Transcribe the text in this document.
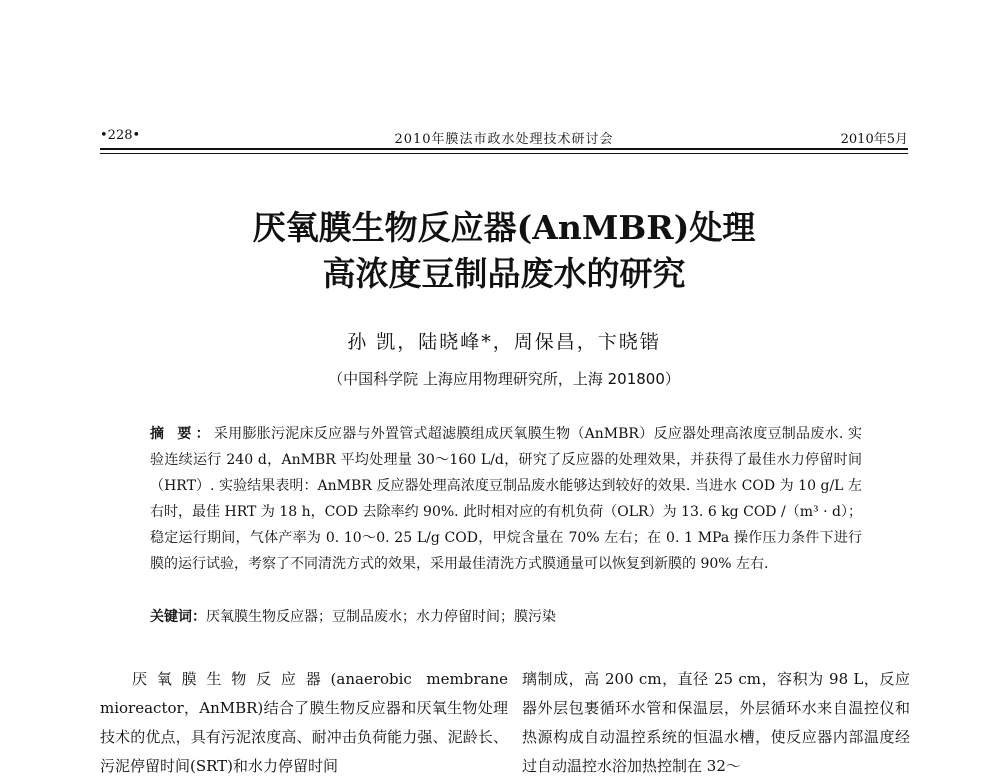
•228•	2010年膜法市政水处理技术研讨会	2010年5月
厌氧膜生物反应器(AnMBR)处理
高浓度豆制品废水的研究
孙 凯，陆晓峰*，周保昌，卞晓锴
（中国科学院 上海应用物理研究所，上海 201800）
摘 要：采用膨胀污泥床反应器与外置管式超滤膜组成厌氧膜生物（AnMBR）反应器处理高浓度豆制品废水. 实验连续运行 240 d，AnMBR 平均处理量 30～160 L/d，研究了反应器的处理效果，并获得了最佳水力停留时间（HRT）. 实验结果表明：AnMBR 反应器处理高浓度豆制品废水能够达到较好的效果. 当进水 COD 为 10 g/L 左右时，最佳 HRT 为 18 h，COD 去除率约 90%. 此时相对应的有机负荷（OLR）为 13. 6 kg COD /（m³ · d）；稳定运行期间，气体产率为 0. 10～0. 25 L/g COD，甲烷含量在 70% 左右；在 0. 1 MPa 操作压力条件下进行膜的运行试验，考察了不同清洗方式的效果，采用最佳清洗方式膜通量可以恢复到新膜的 90% 左右.
关键词：厌氧膜生物反应器；豆制品废水；水力停留时间；膜污染
厌氧膜生物反应器(anaerobic membrane mioreactor，AnMBR)结合了膜生物反应器和厌氧生物处理技术的优点，具有污泥浓度高、耐冲击负荷能力强、泥龄长、污泥停留时间(SRT)和水力停留时间
璃制成，高 200 cm，直径 25 cm，容积为 98 L，反应器外层包裹循环水管和保温层，外层循环水来自温控仪和热源构成自动温控系统的恒温水槽，使反应器内部温度经过自动温控水浴加热控制在 32～
